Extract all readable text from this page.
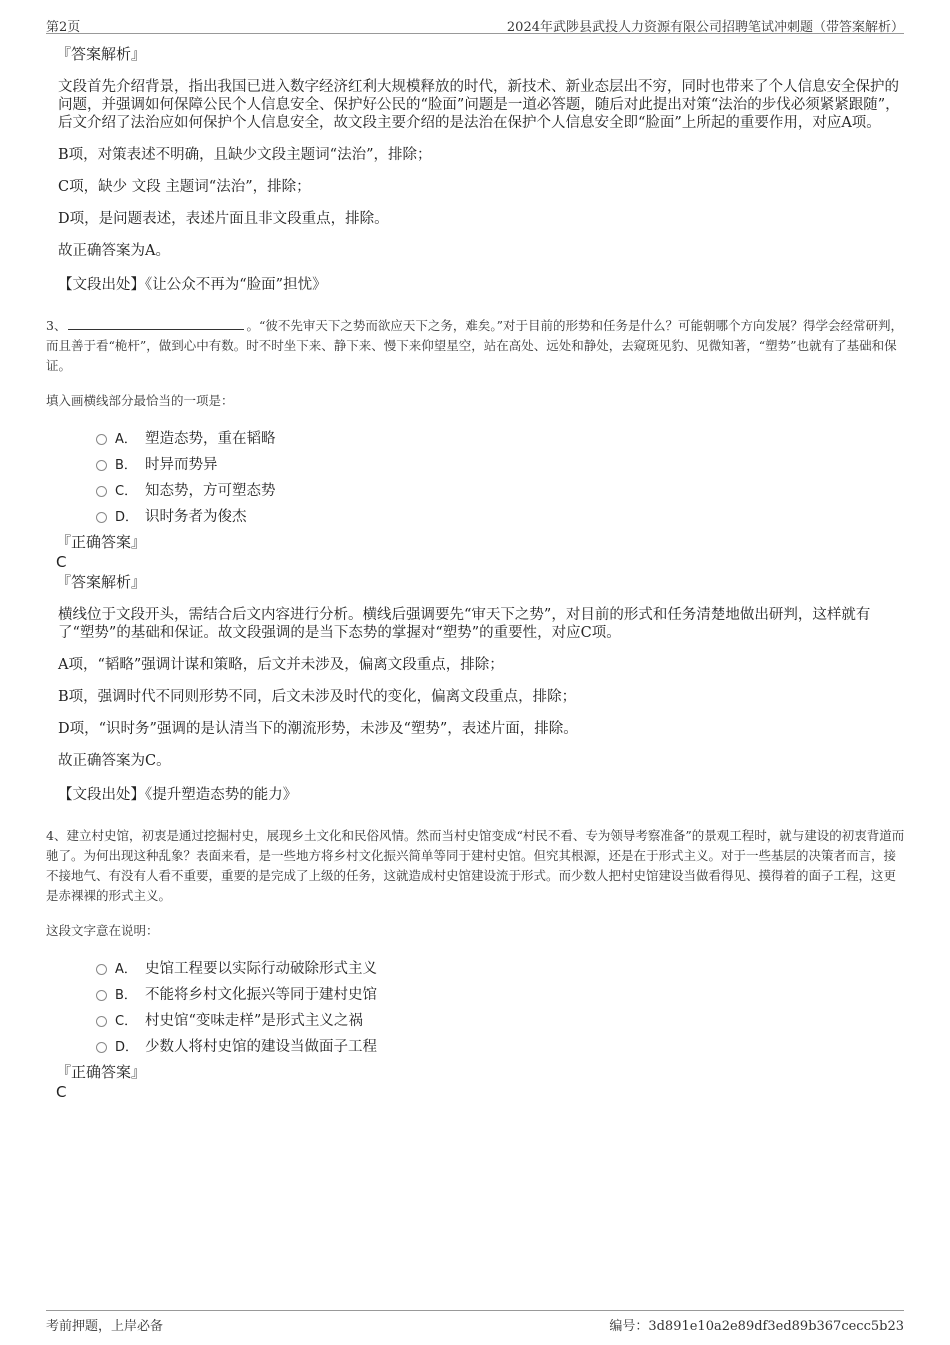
第2页	2024年武陟县武投人力资源有限公司招聘笔试冲刺题（带答案解析）
『答案解析』

文段首先介绍背景，指出我国已进入数字经济红利大规模释放的时代，新技术、新业态层出不穷，同时也带来了个人信息安全保护的问题，并强调如何保障公民个人信息安全、保护好公民的“脸面”问题是一道必答题，随后对此提出对策“法治的步伐必须紧紧跟随”，后文介绍了法治应如何保护个人信息安全，故文段主要介绍的是法治在保护个人信息安全即“脸面”上所起的重要作用，对应A项。

B项，对策表述不明确，且缺少文段主题词“法治”，排除；

C项，缺少 文段 主题词“法治”，排除；

D项，是问题表述，表述片面且非文段重点，排除。

故正确答案为A。

【文段出处】《让公众不再为“脸面”担忧》

3、	。“彼不先审天下之势而欲应天下之务，难矣。”对于目前的形势和任务是什么？可能朝哪个方向发展？得学会经常研判，而且善于看“桅杆”，做到心中有数。时不时坐下来、静下来、慢下来仰望星空，站在高处、远处和静处，去窥斑见豹、见微知著，“塑势”也就有了基础和保证。
填入画横线部分最恰当的一项是：
A． 塑造态势，重在韬略
B． 时异而势异
C． 知态势，方可塑态势
D． 识时务者为俊杰
『正确答案』
C
『答案解析』

横线位于文段开头，需结合后文内容进行分析。横线后强调要先“审天下之势”，对目前的形式和任务清楚地做出研判，这样就有了“塑势”的基础和保证。故文段强调的是当下态势的掌握对“塑势”的重要性，对应C项。

A项，“韬略”强调计谋和策略，后文并未涉及，偏离文段重点，排除；

B项，强调时代不同则形势不同，后文未涉及时代的变化，偏离文段重点，排除；

D项，“识时务”强调的是认清当下的潮流形势，未涉及“塑势”，表述片面，排除。

故正确答案为C。

【文段出处】《提升塑造态势的能力》

4、建立村史馆，初衷是通过挖掘村史，展现乡土文化和民俗风情。然而当村史馆变成“村民不看、专为领导考察准备”的景观工程时，就与建设的初衷背道而驰了。为何出现这种乱象？表面来看，是一些地方将乡村文化振兴简单等同于建村史馆。但究其根源，还是在于形式主义。对于一些基层的决策者而言，接不接地气、有没有人看不重要，重要的是完成了上级的任务，这就造成村史馆建设流于形式。而少数人把村史馆建设当做看得见、摸得着的面子工程，这更是赤裸裸的形式主义。
这段文字意在说明：
A． 史馆工程要以实际行动破除形式主义
B． 不能将乡村文化振兴等同于建村史馆
C． 村史馆“变味走样”是形式主义之祸
D． 少数人将村史馆的建设当做面子工程
『正确答案』
C
考前押题，上岸必备	编号：3d891e10a2e89df3ed89b367cecc5b23
